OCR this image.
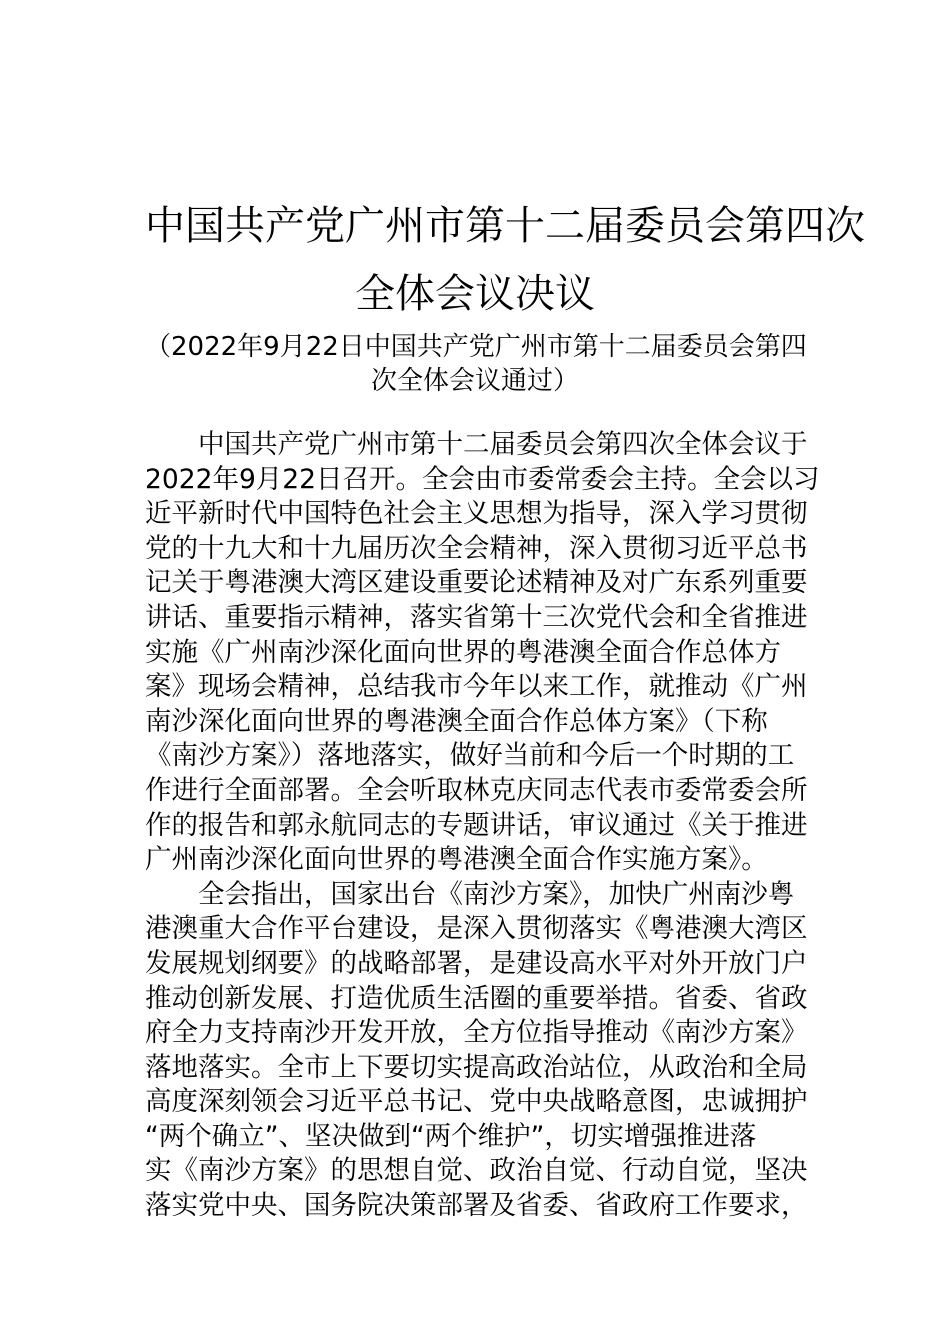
中国共产党广州市第十二届委员会第四次
全体会议决议
（2022年9月22日中国共产党广州市第十二届委员会第四
次全体会议通过）
中国共产党广州市第十二届委员会第四次全体会议于
2022年9月22日召开。全会由市委常委会主持。全会以习
近平新时代中国特色社会主义思想为指导，深入学习贯彻
党的十九大和十九届历次全会精神，深入贯彻习近平总书
记关于粤港澳大湾区建设重要论述精神及对广东系列重要
讲话、重要指示精神，落实省第十三次党代会和全省推进
实施《广州南沙深化面向世界的粤港澳全面合作总体方
案》现场会精神，总结我市今年以来工作，就推动《广州
南沙深化面向世界的粤港澳全面合作总体方案》（下称
《南沙方案》）落地落实，做好当前和今后一个时期的工
作进行全面部署。全会听取林克庆同志代表市委常委会所
作的报告和郭永航同志的专题讲话，审议通过《关于推进
广州南沙深化面向世界的粤港澳全面合作实施方案》。
全会指出，国家出台《南沙方案》，加快广州南沙粤
港澳重大合作平台建设，是深入贯彻落实《粤港澳大湾区
发展规划纲要》的战略部署，是建设高水平对外开放门户
推动创新发展、打造优质生活圈的重要举措。省委、省政
府全力支持南沙开发开放，全方位指导推动《南沙方案》
落地落实。全市上下要切实提高政治站位，从政治和全局
高度深刻领会习近平总书记、党中央战略意图，忠诚拥护
“两个确立”、坚决做到“两个维护”，切实增强推进落
实《南沙方案》的思想自觉、政治自觉、行动自觉，坚决
落实党中央、国务院决策部署及省委、省政府工作要求，
